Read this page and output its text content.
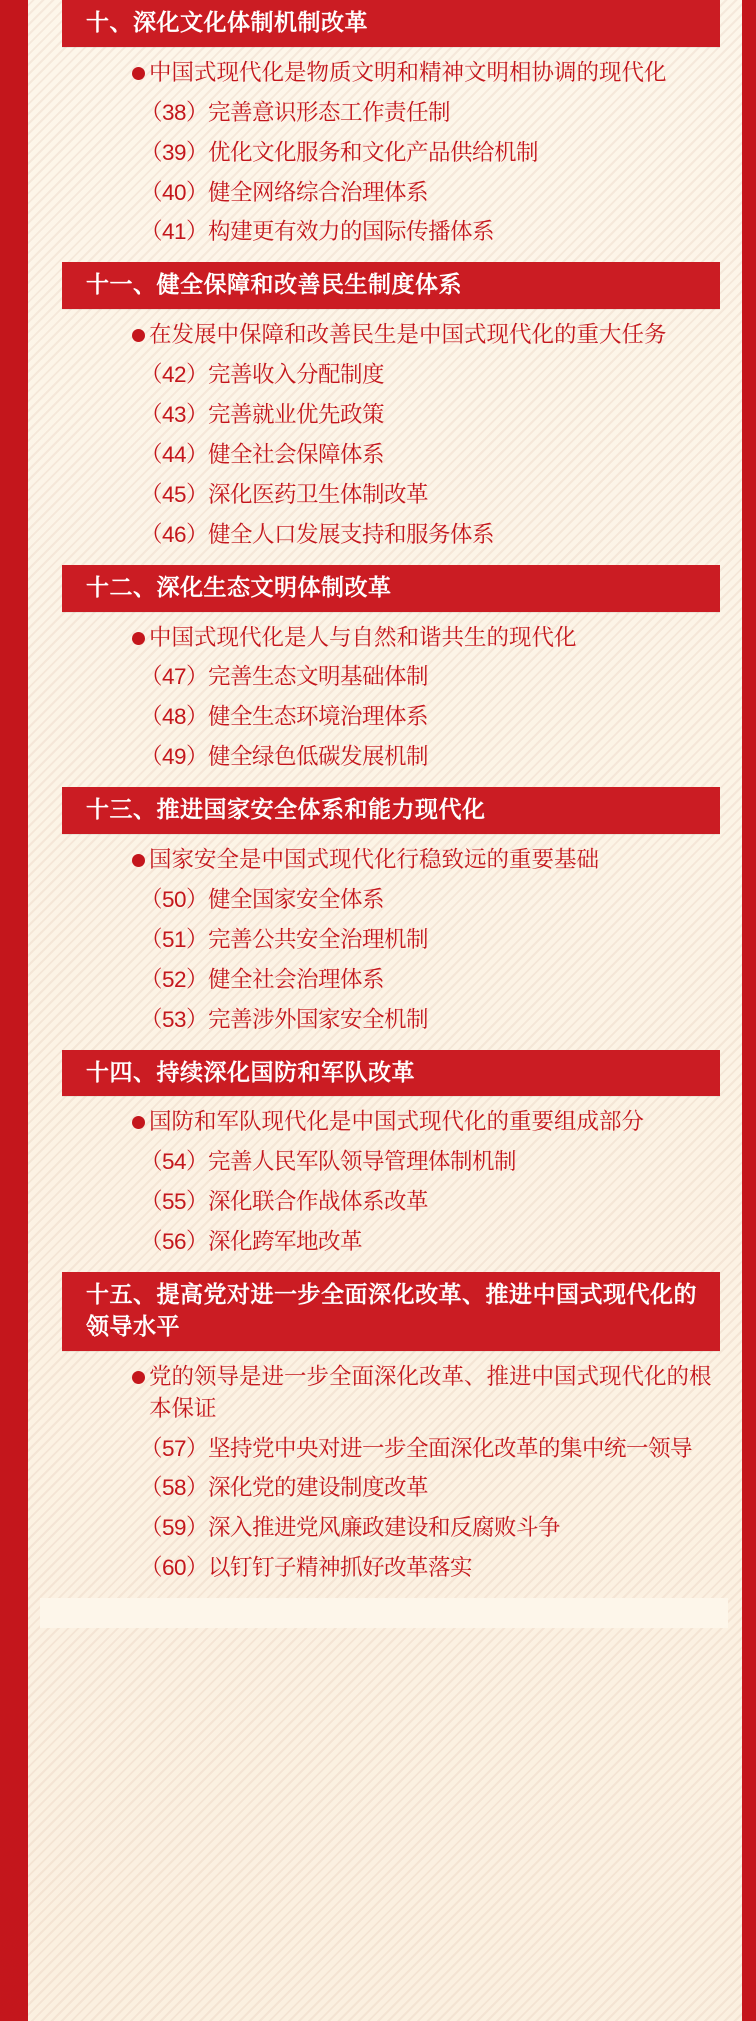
十、深化文化体制机制改革
中国式现代化是物质文明和精神文明相协调的现代化
（38）完善意识形态工作责任制
（39）优化文化服务和文化产品供给机制
（40）健全网络综合治理体系
（41）构建更有效力的国际传播体系
十一、健全保障和改善民生制度体系
在发展中保障和改善民生是中国式现代化的重大任务
（42）完善收入分配制度
（43）完善就业优先政策
（44）健全社会保障体系
（45）深化医药卫生体制改革
（46）健全人口发展支持和服务体系
十二、深化生态文明体制改革
中国式现代化是人与自然和谐共生的现代化
（47）完善生态文明基础体制
（48）健全生态环境治理体系
（49）健全绿色低碳发展机制
十三、推进国家安全体系和能力现代化
国家安全是中国式现代化行稳致远的重要基础
（50）健全国家安全体系
（51）完善公共安全治理机制
（52）健全社会治理体系
（53）完善涉外国家安全机制
十四、持续深化国防和军队改革
国防和军队现代化是中国式现代化的重要组成部分
（54）完善人民军队领导管理体制机制
（55）深化联合作战体系改革
（56）深化跨军地改革
十五、提高党对进一步全面深化改革、推进中国式现代化的领导水平
党的领导是进一步全面深化改革、推进中国式现代化的根本保证
（57）坚持党中央对进一步全面深化改革的集中统一领导
（58）深化党的建设制度改革
（59）深入推进党风廉政建设和反腐败斗争
（60）以钉钉子精神抓好改革落实
